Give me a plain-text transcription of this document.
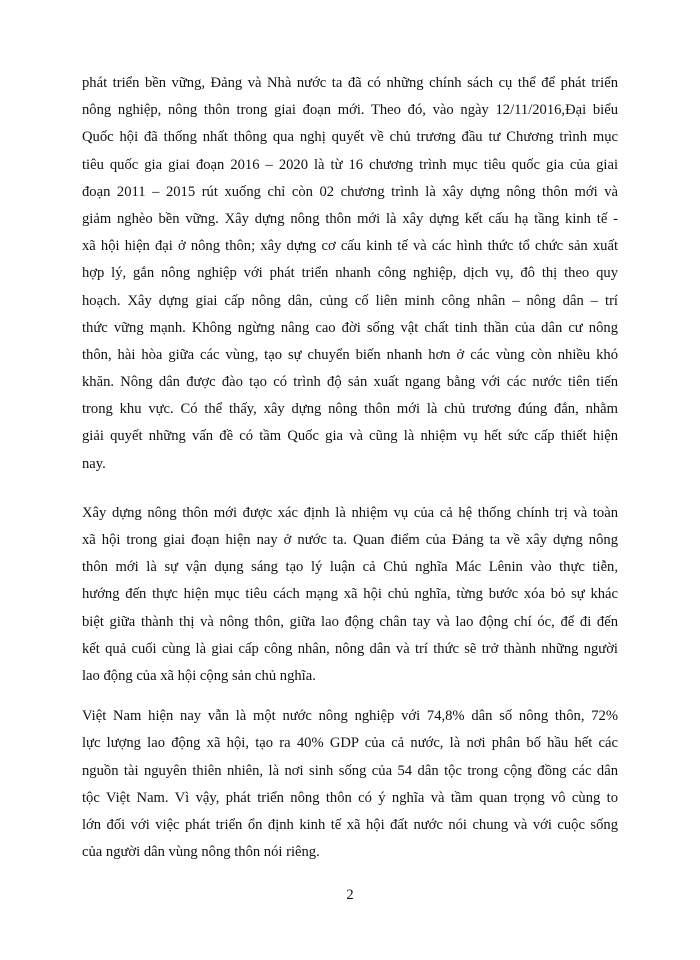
phát triển bền vững, Đảng và Nhà nước ta đã có những chính sách cụ thể để phát triển
nông nghiệp, nông thôn trong giai đoạn mới. Theo đó, vào ngày 12/11/2016,Đại biểu
Quốc hội đã thống nhất thông qua nghị quyết về chủ trương đầu tư Chương trình mục
tiêu quốc gia giai đoạn 2016 – 2020 là từ 16 chương trình mục tiêu quốc gia của giai
đoạn 2011 – 2015 rút xuống chỉ còn 02 chương trình là xây dựng nông thôn mới và
giảm nghèo bền vững. Xây dựng nông thôn mới là xây dựng kết cấu hạ tầng kinh tế -
xã hội hiện đại ở nông thôn; xây dựng cơ cấu kinh tế và các hình thức tổ chức sản xuất
hợp lý, gắn nông nghiệp với phát triển nhanh công nghiệp, dịch vụ, đô thị theo quy
hoạch. Xây dựng giai cấp nông dân, củng cố liên minh công nhân – nông dân – trí
thức vững mạnh. Không ngừng nâng cao đời sống vật chất tinh thần của dân cư nông
thôn, hài hòa giữa các vùng, tạo sự chuyển biến nhanh hơn ở các vùng còn nhiều khó
khăn. Nông dân được đào tạo có trình độ sản xuất ngang bằng với các nước tiên tiến
trong khu vực. Có thể thấy, xây dựng nông thôn mới là chủ trương đúng đắn, nhằm
giải quyết những vấn đề có tầm Quốc gia và cũng là nhiệm vụ hết sức cấp thiết hiện
nay.
Xây dựng nông thôn mới được xác định là nhiệm vụ của cả hệ thống chính trị và toàn
xã hội trong giai đoạn hiện nay ở nước ta. Quan điểm của Đảng ta về xây dựng nông
thôn mới là sự vận dụng sáng tạo lý luận cả Chủ nghĩa Mác Lênin vào thực tiễn,
hướng đến thực hiện mục tiêu cách mạng xã hội chủ nghĩa, từng bước xóa bỏ sự khác
biệt giữa thành thị và nông thôn, giữa lao động chân tay và lao động chí óc, để đi đến
kết quả cuối cùng là giai cấp công nhân, nông dân và trí thức sẽ trở thành những người
lao động của xã hội cộng sản chủ nghĩa.
Việt Nam hiện nay vẫn là một nước nông nghiệp với 74,8% dân số nông thôn, 72%
lực lượng lao động xã hội, tạo ra 40% GDP của cả nước, là nơi phân bố hầu hết các
nguồn tài nguyên thiên nhiên, là nơi sinh sống của 54 dân tộc trong cộng đồng các dân
tộc Việt Nam. Vì vậy, phát triển nông thôn có ý nghĩa và tầm quan trọng vô cùng to
lớn đối với việc phát triển ổn định kinh tế xã hội đất nước nói chung và với cuộc sống
của người dân vùng nông thôn nói riêng.
2
